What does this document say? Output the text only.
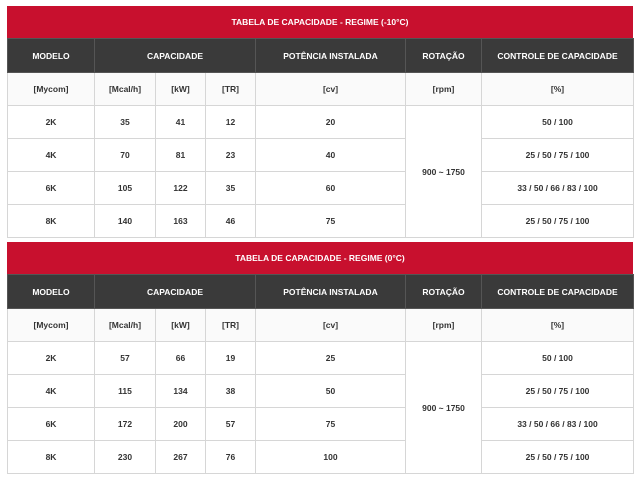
TABELA DE CAPACIDADE - REGIME (-10°C)
MODELO	CAPACIDADE			POTÊNCIA INSTALADA	ROTAÇÃO	CONTROLE DE CAPACIDADE
[Mycom]	[Mcal/h]	[kW]	[TR]	[cv]	[rpm]	[%]
2K	35	41	12	20	900 ~ 1750	50 / 100
4K	70	81	23	40		25 / 50 / 75 / 100
6K	105	122	35	60		33 / 50 / 66 / 83 / 100
8K	140	163	46	75		25 / 50 / 75 / 100
TABELA DE CAPACIDADE - REGIME (0°C)
MODELO	CAPACIDADE			POTÊNCIA INSTALADA	ROTAÇÃO	CONTROLE DE CAPACIDADE
[Mycom]	[Mcal/h]	[kW]	[TR]	[cv]	[rpm]	[%]
2K	57	66	19	25	900 ~ 1750	50 / 100
4K	115	134	38	50		25 / 50 / 75 / 100
6K	172	200	57	75		33 / 50 / 66 / 83 / 100
8K	230	267	76	100		25 / 50 / 75 / 100
